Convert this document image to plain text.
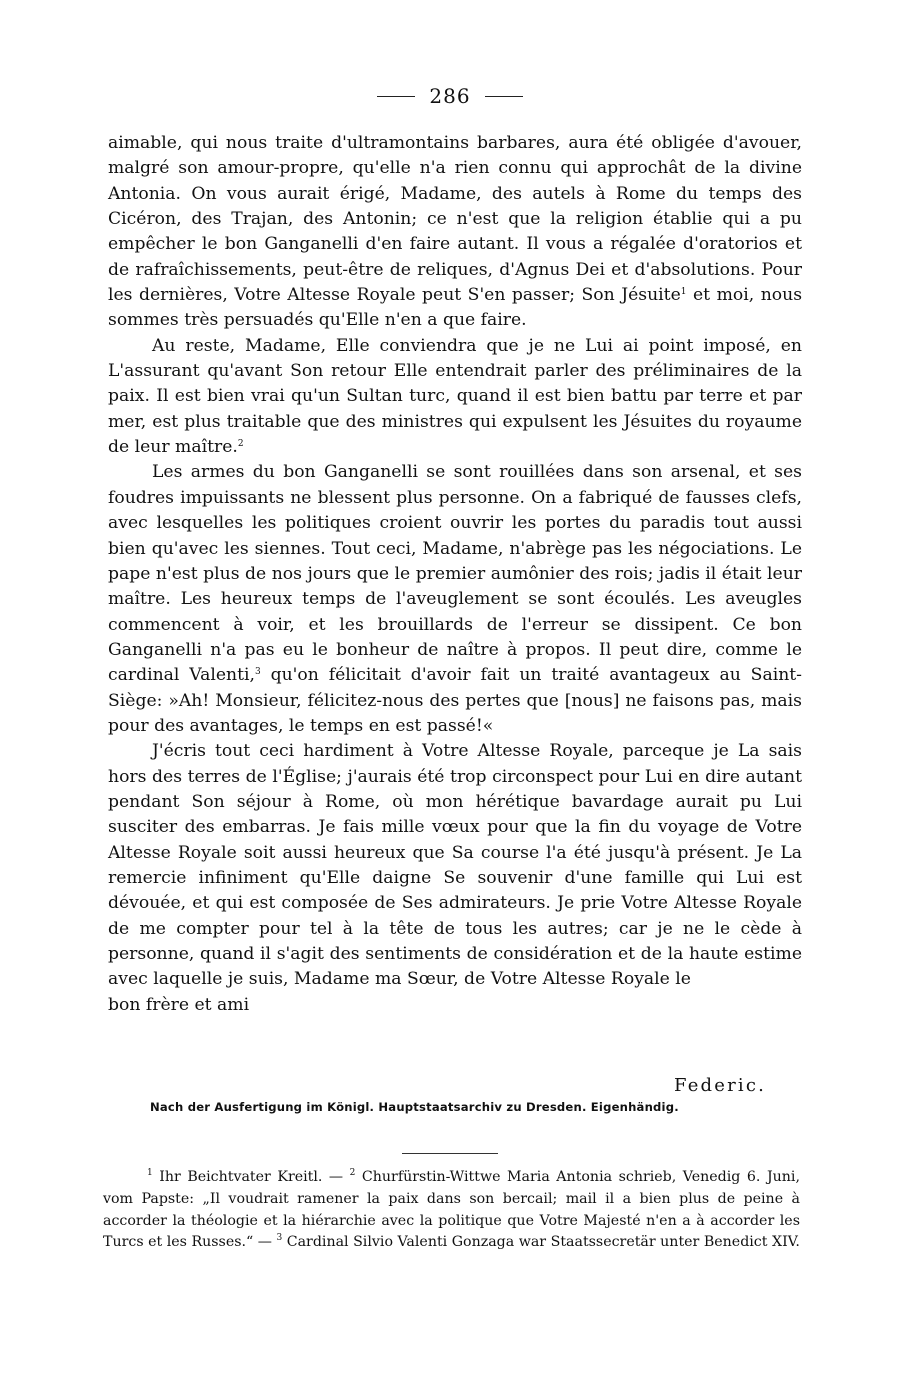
286

aimable, qui nous traite d'ultramontains barbares, aura été obligée d'avouer, malgré son amour-propre, qu'elle n'a rien connu qui approchât de la divine Antonia. On vous aurait érigé, Madame, des autels à Rome du temps des Cicéron, des Trajan, des Antonin; ce n'est que la religion établie qui a pu empêcher le bon Ganganelli d'en faire autant. Il vous a régalée d'oratorios et de rafraîchissements, peut-être de reliques, d'Agnus Dei et d'absolutions. Pour les dernières, Votre Altesse Royale peut S'en passer; Son Jésuite$^1$ et moi, nous sommes très persuadés qu'Elle n'en a que faire.

Au reste, Madame, Elle conviendra que je ne Lui ai point imposé, en L'assurant qu'avant Son retour Elle entendrait parler des préliminaires de la paix. Il est bien vrai qu'un Sultan turc, quand il est bien battu par terre et par mer, est plus traitable que des ministres qui expulsent les Jésuites du royaume de leur maître.$^2$

Les armes du bon Ganganelli se sont rouillées dans son arsenal, et ses foudres impuissants ne blessent plus personne. On a fabriqué de fausses clefs, avec lesquelles les politiques croient ouvrir les portes du paradis tout aussi bien qu'avec les siennes. Tout ceci, Madame, n'abrège pas les négociations. Le pape n'est plus de nos jours que le premier aumônier des rois; jadis il était leur maître. Les heureux temps de l'aveuglement se sont écoulés. Les aveugles commencent à voir, et les brouillards de l'erreur se dissipent. Ce bon Ganganelli n'a pas eu le bonheur de naître à propos. Il peut dire, comme le cardinal Valenti,$^3$ qu'on félicitait d'avoir fait un traité avantageux au Saint-Siège: »Ah! Monsieur, félicitez-nous des pertes que [nous] ne faisons pas, mais pour des avantages, le temps en est passé!«

J'écris tout ceci hardiment à Votre Altesse Royale, parceque je La sais hors des terres de l'Église; j'aurais été trop circonspect pour Lui en dire autant pendant Son séjour à Rome, où mon hérétique bavardage aurait pu Lui susciter des embarras. Je fais mille vœux pour que la fin du voyage de Votre Altesse Royale soit aussi heureux que Sa course l'a été jusqu'à présent. Je La remercie infiniment qu'Elle daigne Se souvenir d'une famille qui Lui est dévouée, et qui est composée de Ses admirateurs. Je prie Votre Altesse Royale de me compter pour tel à la tête de tous les autres; car je ne le cède à personne, quand il s'agit des sentiments de considération et de la haute estime avec laquelle je suis, Madame ma Sœur, de Votre Altesse Royale le

bon frère et ami

Federic.
Nach der Ausfertigung im Königl. Hauptstaatsarchiv zu Dresden. Eigenhändig.

$^1$ Ihr Beichtvater Kreitl. — $^2$ Churfürstin-Wittwe Maria Antonia schrieb, Venedig 6. Juni, vom Papste: „Il voudrait ramener la paix dans son bercail; mail il a bien plus de peine à accorder la théologie et la hiérarchie avec la politique que Votre Majesté n'en a à accorder les Turcs et les Russes.“ — $^3$ Cardinal Silvio Valenti Gonzaga war Staatssecretär unter Benedict XIV.
